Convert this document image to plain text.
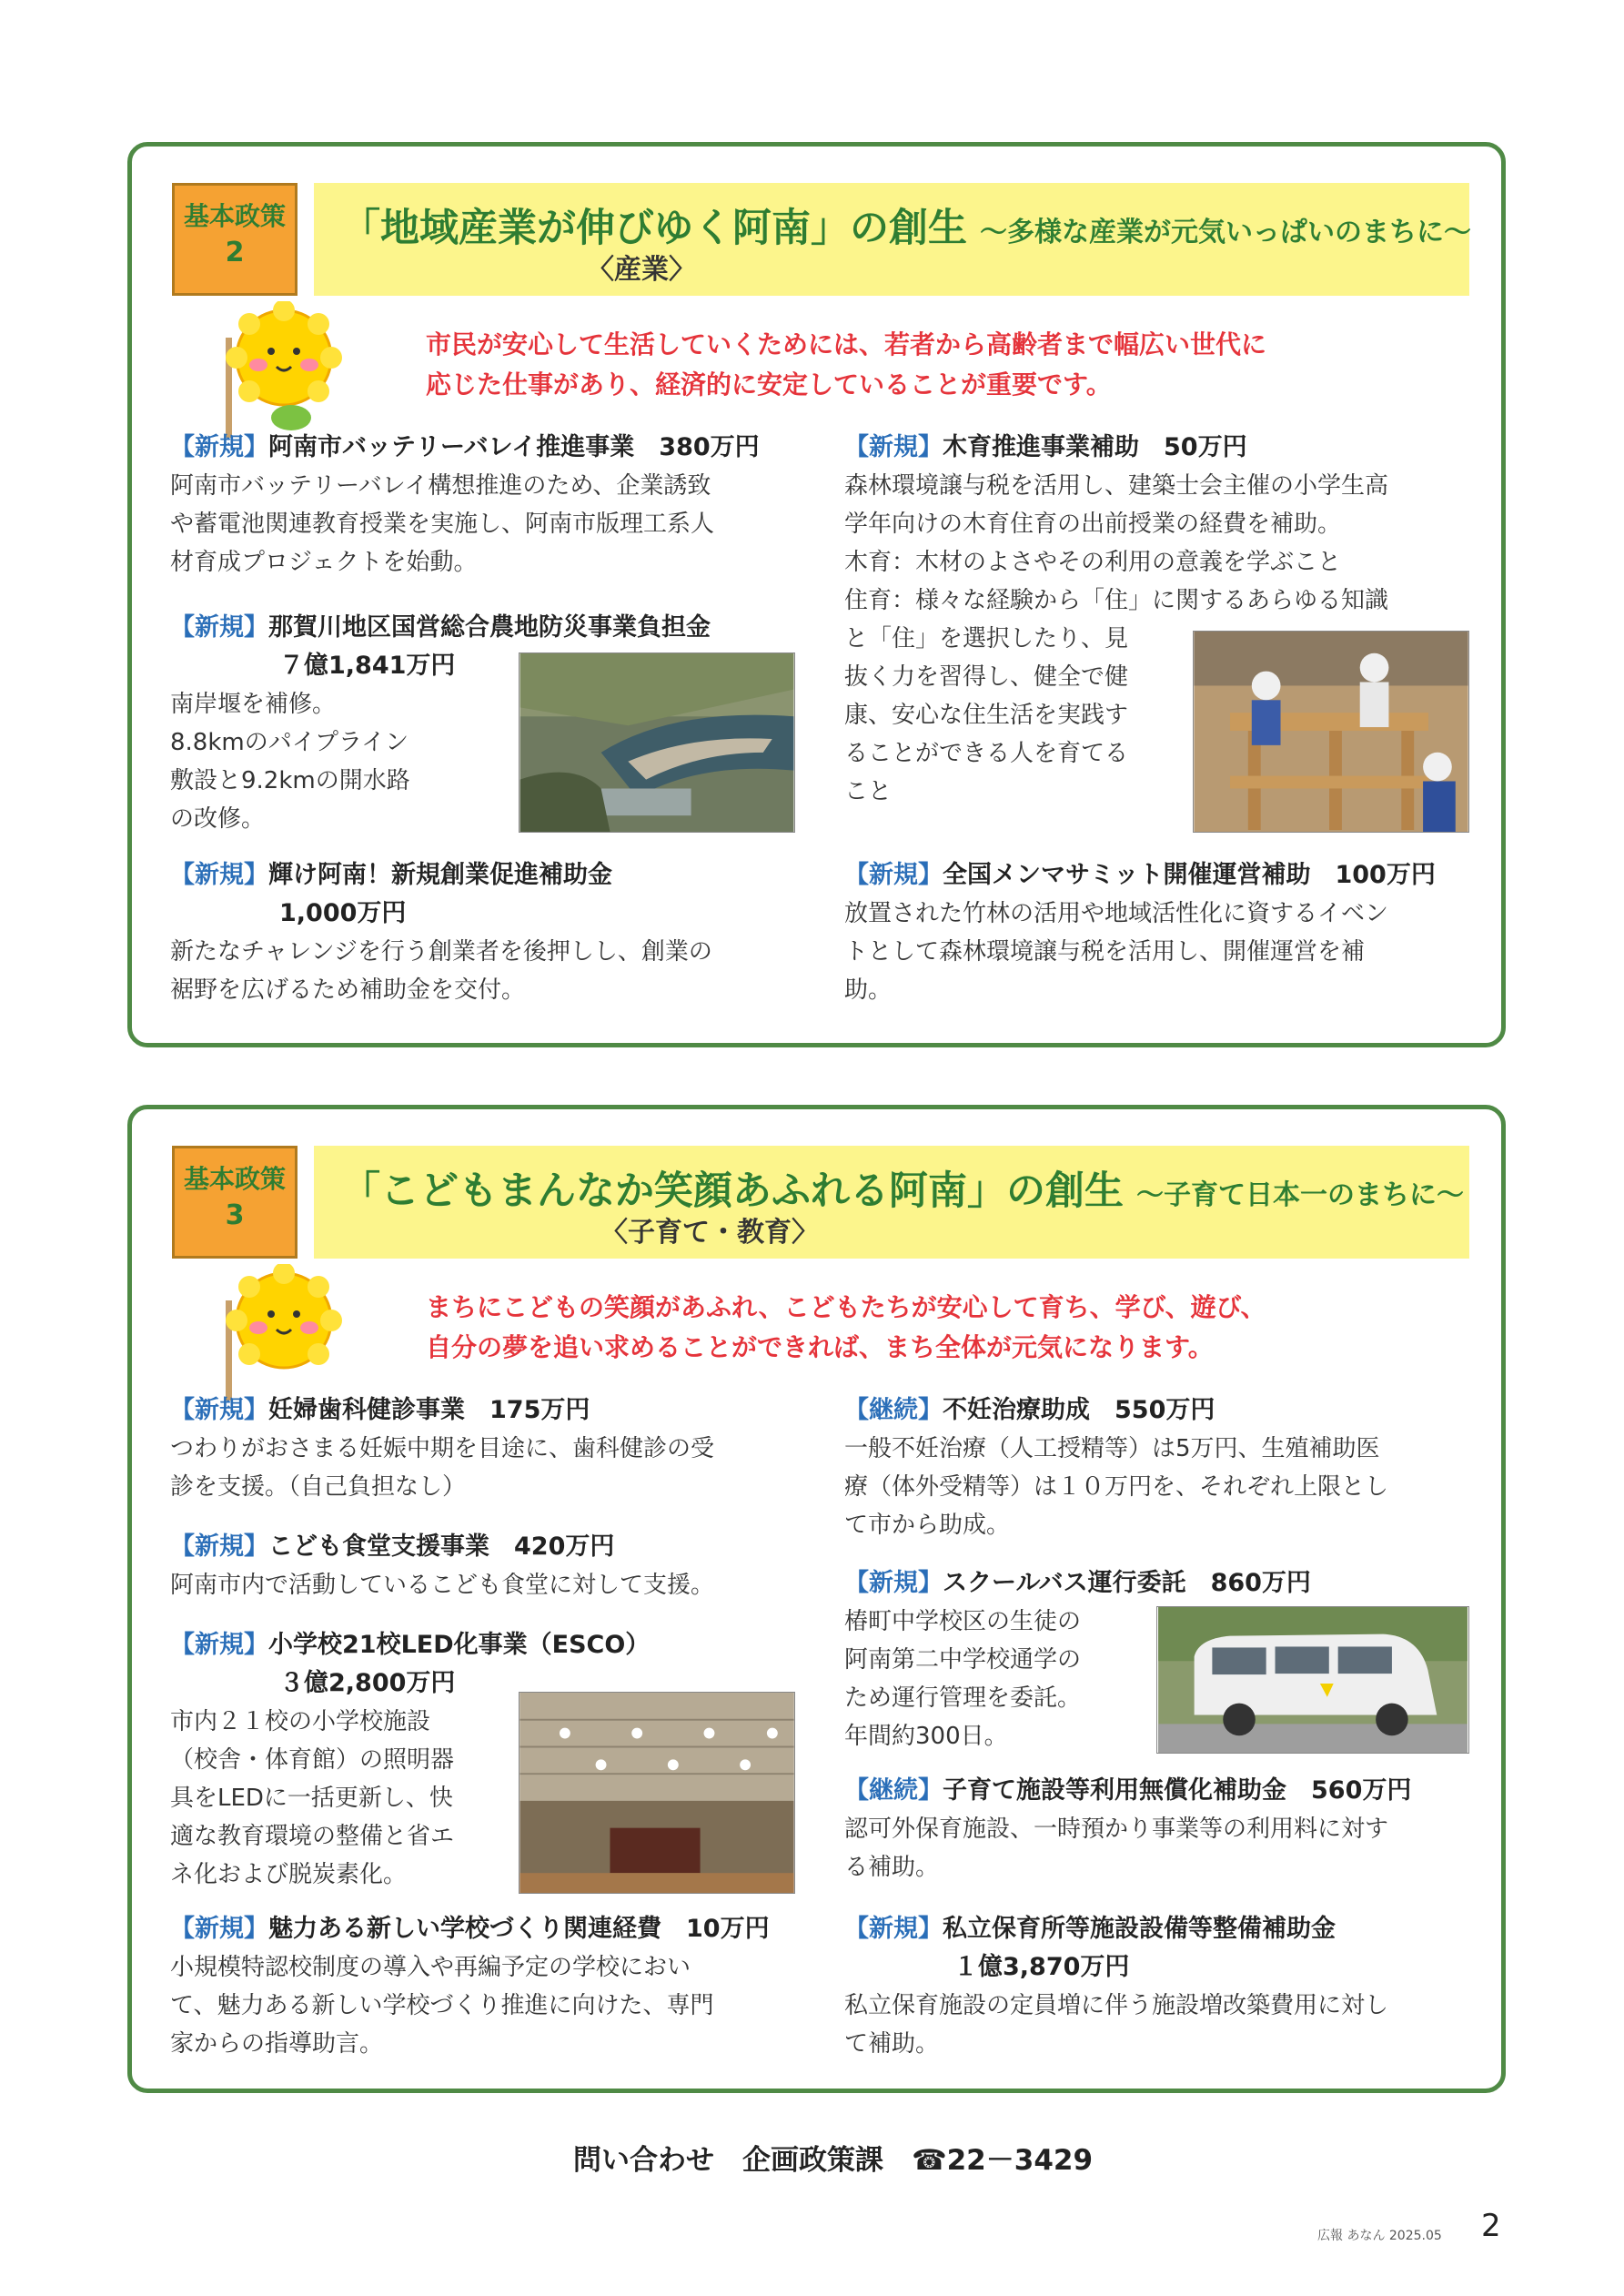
基本政策
2
「地域産業が伸びゆく阿南」の創生 ～多様な産業が元気いっぱいのまちに～
〈産業〉
市民が安心して生活していくためには、若者から高齢者まで幅広い世代に
応じた仕事があり、経済的に安定していることが重要です。
【新規】阿南市バッテリーバレイ推進事業　380万円
阿南市バッテリーバレイ構想推進のため、企業誘致
や蓄電池関連教育授業を実施し、阿南市版理工系人
材育成プロジェクトを始動。
【新規】那賀川地区国営総合農地防災事業負担金
７億1,841万円
南岸堰を補修。
8.8kmのパイプライン
敷設と9.2kmの開水路
の改修。
【新規】輝け阿南！新規創業促進補助金
1,000万円
新たなチャレンジを行う創業者を後押しし、創業の
裾野を広げるため補助金を交付。
【新規】木育推進事業補助　50万円
森林環境譲与税を活用し、建築士会主催の小学生高
学年向けの木育住育の出前授業の経費を補助。
木育：木材のよさやその利用の意義を学ぶこと
住育：様々な経験から「住」に関するあらゆる知識
と「住」を選択したり、見
抜く力を習得し、健全で健
康、安心な住生活を実践す
ることができる人を育てる
こと
【新規】全国メンマサミット開催運営補助　100万円
放置された竹林の活用や地域活性化に資するイベン
トとして森林環境譲与税を活用し、開催運営を補
助。
基本政策
3
「こどもまんなか笑顔あふれる阿南」の創生 ～子育て日本一のまちに～
〈子育て・教育〉
まちにこどもの笑顔があふれ、こどもたちが安心して育ち、学び、遊び、
自分の夢を追い求めることができれば、まち全体が元気になります。
【新規】妊婦歯科健診事業　175万円
つわりがおさまる妊娠中期を目途に、歯科健診の受
診を支援。（自己負担なし）
【新規】こども食堂支援事業　420万円
阿南市内で活動しているこども食堂に対して支援。
【新規】小学校21校LED化事業（ESCO）
３億2,800万円
市内２１校の小学校施設
（校舎・体育館）の照明器
具をLEDに一括更新し、快
適な教育環境の整備と省エ
ネ化および脱炭素化。
【新規】魅力ある新しい学校づくり関連経費　10万円
小規模特認校制度の導入や再編予定の学校におい
て、魅力ある新しい学校づくり推進に向けた、専門
家からの指導助言。
【継続】不妊治療助成　550万円
一般不妊治療（人工授精等）は5万円、生殖補助医
療（体外受精等）は１０万円を、それぞれ上限とし
て市から助成。
【新規】スクールバス運行委託　860万円
椿町中学校区の生徒の
阿南第二中学校通学の
ため運行管理を委託。
年間約300日。
【継続】子育て施設等利用無償化補助金　560万円
認可外保育施設、一時預かり事業等の利用料に対す
る補助。
【新規】私立保育所等施設設備等整備補助金
１億3,870万円
私立保育施設の定員増に伴う施設増改築費用に対し
て補助。
問い合わせ　企画政策課　☎22－3429
広報 あなん 2025.05 2
